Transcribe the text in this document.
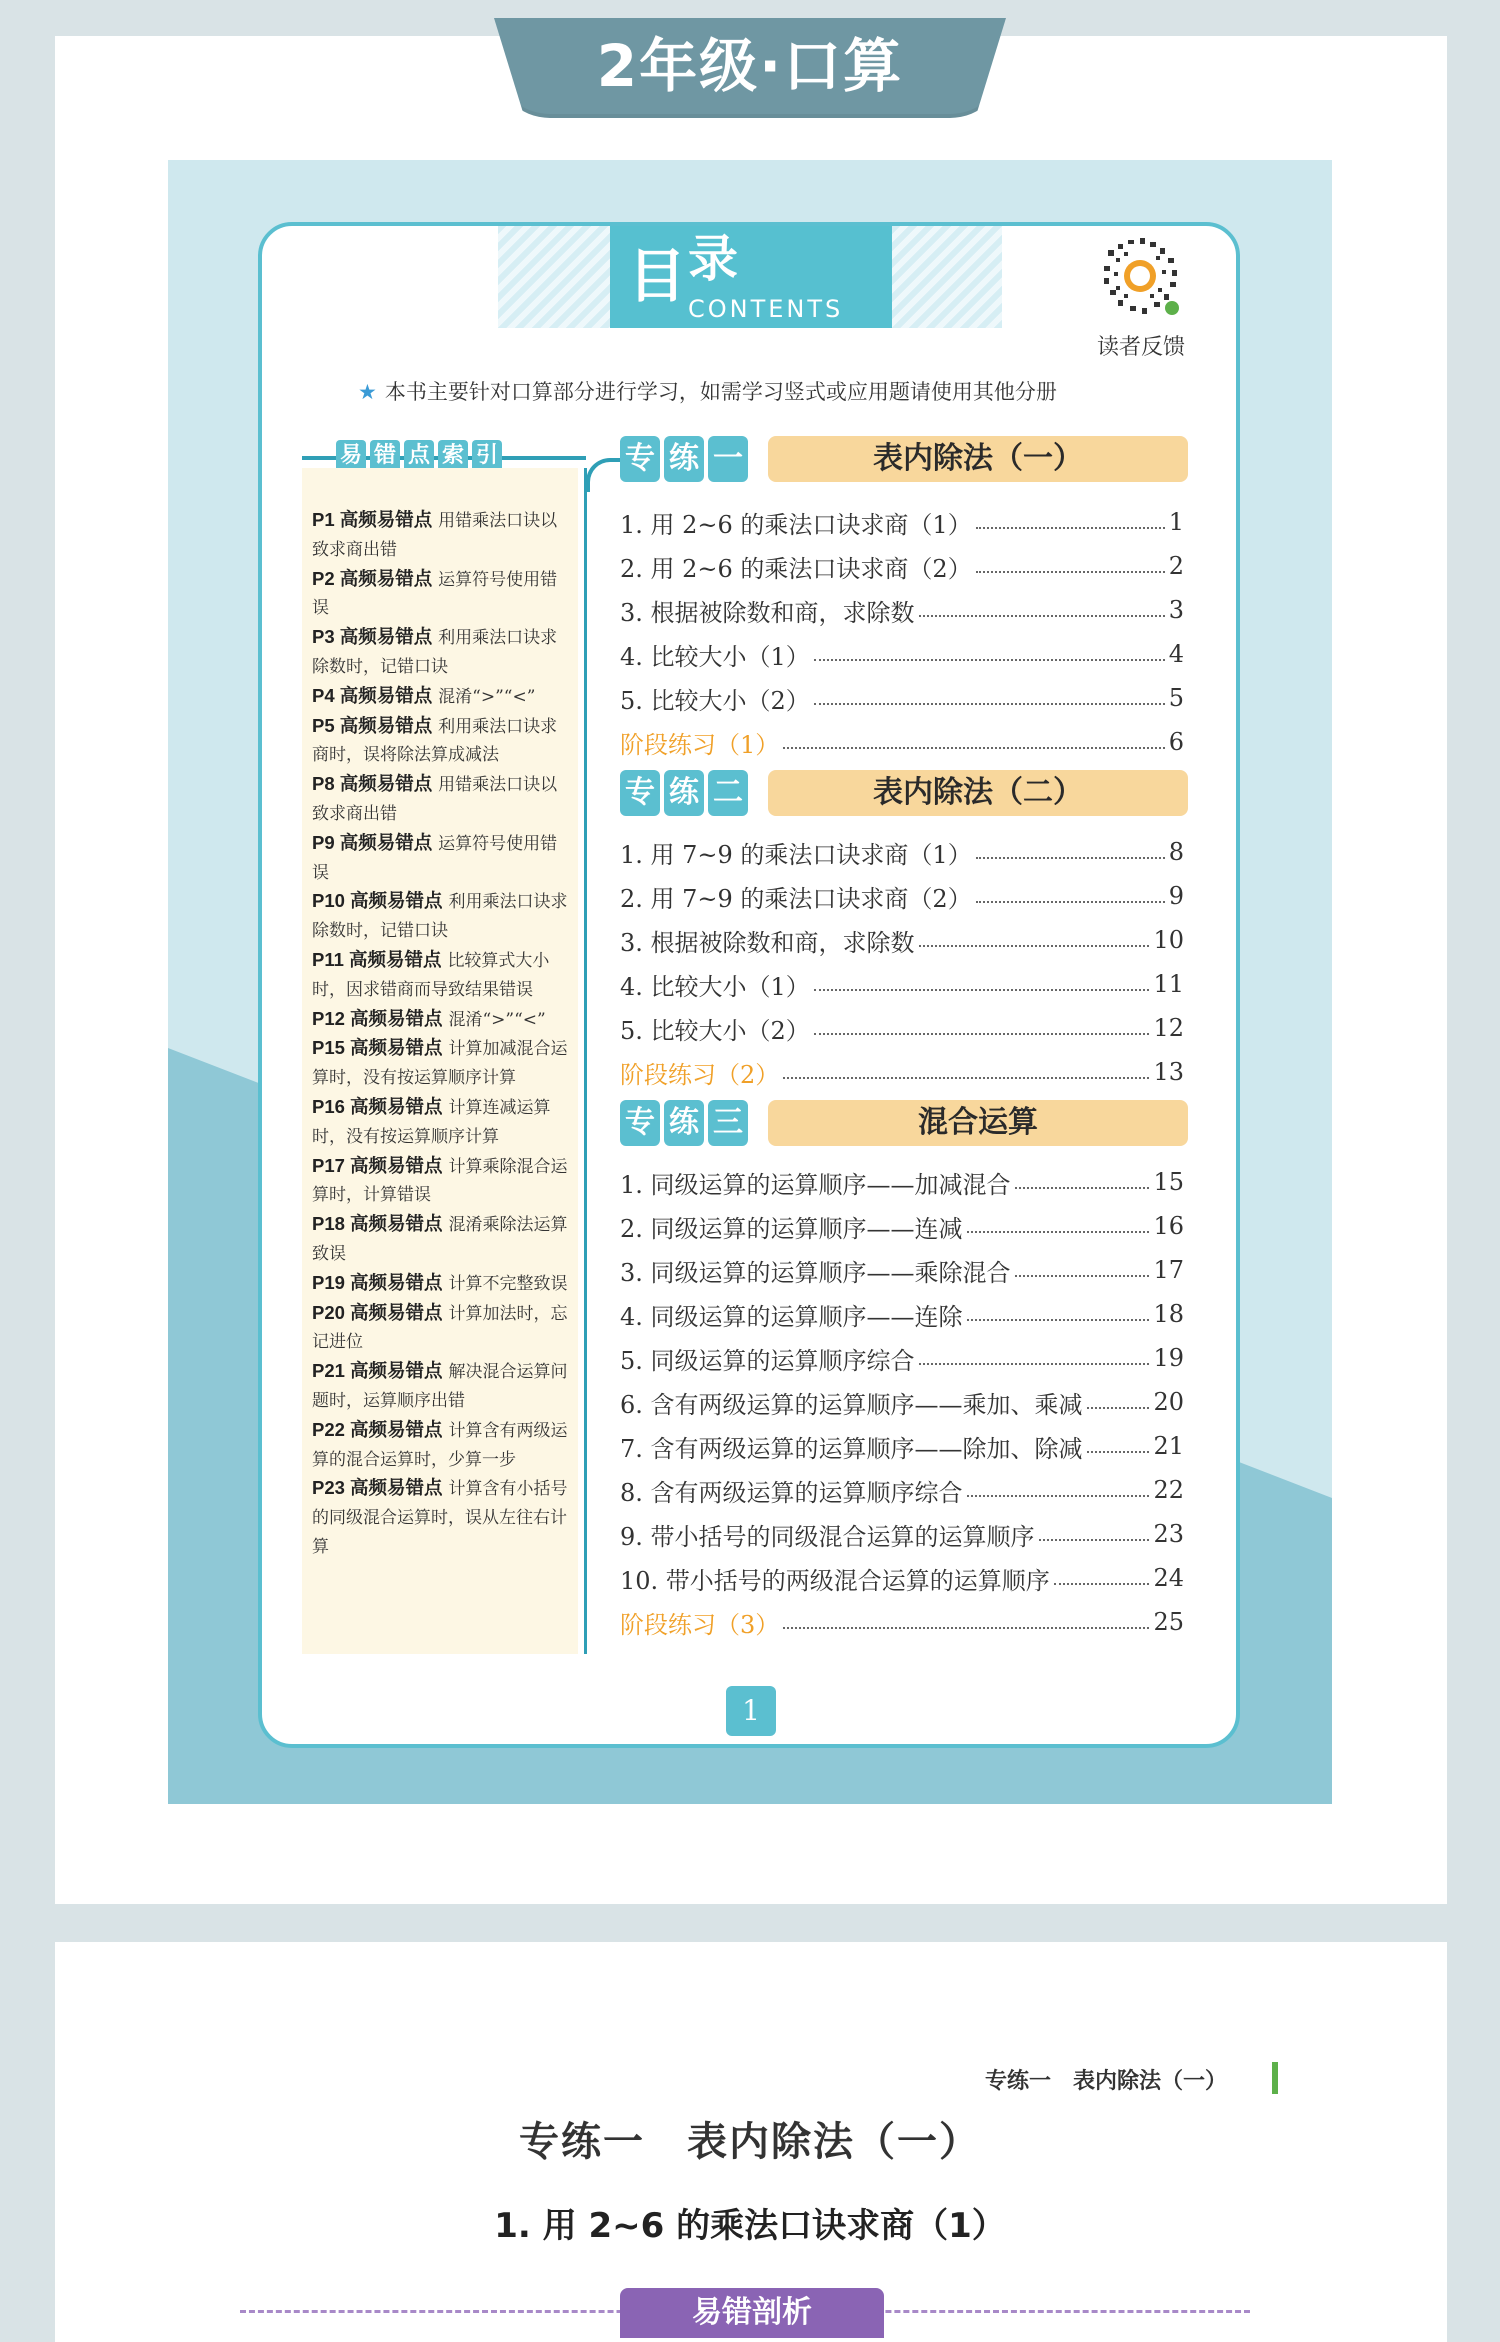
2年级·口算
目 录
CONTENTS
读者反馈
★ 本书主要针对口算部分进行学习，如需学习竖式或应用题请使用其他分册
易 错 点 索 引

P1 高频易错点 用错乘法口诀以致求商出错

P2 高频易错点 运算符号使用错误

P3 高频易错点 利用乘法口诀求除数时，记错口诀

P4 高频易错点 混淆“>”“<”

P5 高频易错点 利用乘法口诀求商时，误将除法算成减法

P8 高频易错点 用错乘法口诀以致求商出错

P9 高频易错点 运算符号使用错误

P10 高频易错点 利用乘法口诀求除数时，记错口诀

P11 高频易错点 比较算式大小时，因求错商而导致结果错误

P12 高频易错点 混淆“>”“<”

P15 高频易错点 计算加减混合运算时，没有按运算顺序计算

P16 高频易错点 计算连减运算时，没有按运算顺序计算

P17 高频易错点 计算乘除混合运算时，计算错误

P18 高频易错点 混淆乘除法运算致误

P19 高频易错点 计算不完整致误

P20 高频易错点 计算加法时，忘记进位

P21 高频易错点 解决混合运算问题时，运算顺序出错

P22 高频易错点 计算含有两级运算的混合运算时，少算一步

P23 高频易错点 计算含有小括号的同级混合运算时，误从左往右计算

专 练 一	表内除法（一）
1. 用 2~6 的乘法口诀求商（1）	1
2. 用 2~6 的乘法口诀求商（2）	2
3. 根据被除数和商，求除数	3
4. 比较大小（1）	4
5. 比较大小（2）	5
阶段练习（1）	6
专 练 二	表内除法（二）
1. 用 7~9 的乘法口诀求商（1）	8
2. 用 7~9 的乘法口诀求商（2）	9
3. 根据被除数和商，求除数	10
4. 比较大小（1）	11
5. 比较大小（2）	12
阶段练习（2）	13
专 练 三	混合运算
1. 同级运算的运算顺序——加减混合	15
2. 同级运算的运算顺序——连减	16
3. 同级运算的运算顺序——乘除混合	17
4. 同级运算的运算顺序——连除	18
5. 同级运算的运算顺序综合	19
6. 含有两级运算的运算顺序——乘加、乘减	20
7. 含有两级运算的运算顺序——除加、除减	21
8. 含有两级运算的运算顺序综合	22
9. 带小括号的同级混合运算的运算顺序	23
10. 带小括号的两级混合运算的运算顺序	24
阶段练习（3）	25
1
专练一　表内除法（一）
专练一　表内除法（一）
1. 用 2~6 的乘法口诀求商（1）
易错剖析
